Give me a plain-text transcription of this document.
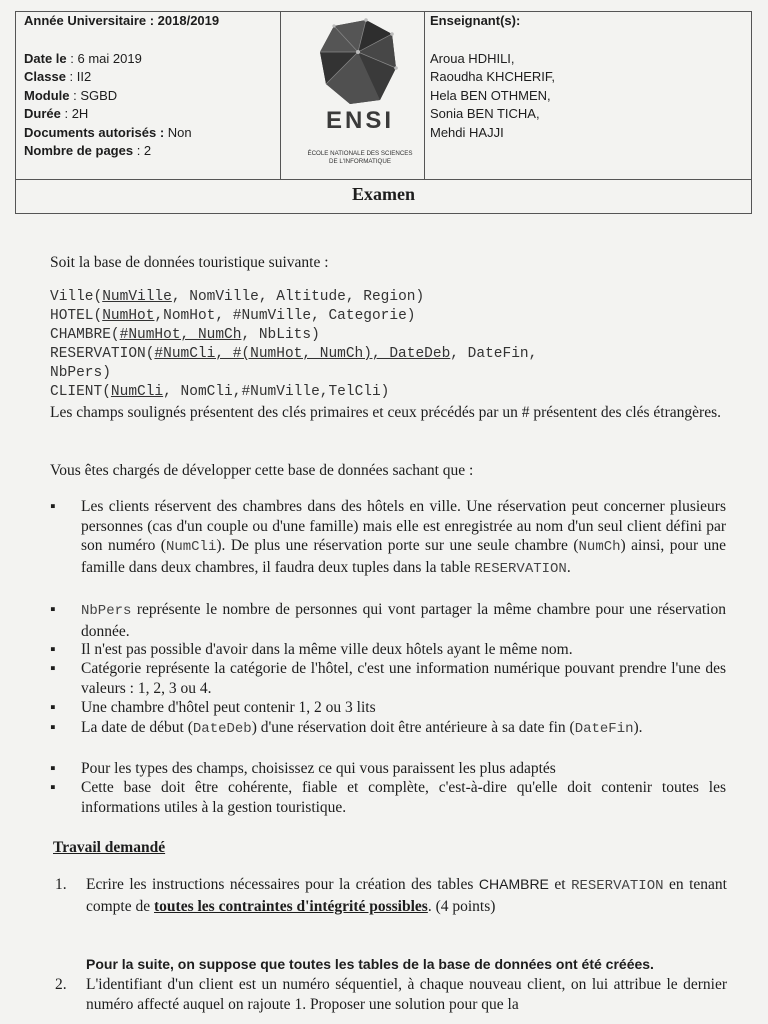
Année Universitaire : 2018/2019
Date le : 6 mai 2019
Classe : II2
Module : SGBD
Durée : 2H
Documents autorisés : Non
Nombre de pages : 2
ENSI
ÉCOLE NATIONALE DES SCIENCES
DE L'INFORMATIQUE
Enseignant(s):
Aroua HDHILI,
Raoudha KHCHERIF,
Hela BEN OTHMEN,
Sonia BEN TICHA,
Mehdi HAJJI
Examen
Soit la base de données touristique suivante :
Ville(NumVille, NomVille, Altitude, Region)
HOTEL(NumHot,NomHot, #NumVille, Categorie)
CHAMBRE(#NumHot, NumCh, NbLits)
RESERVATION(#NumCli, #(NumHot, NumCh), DateDeb, DateFin,
NbPers)
CLIENT(NumCli, NomCli,#NumVille,TelCli)
Les champs soulignés présentent des clés primaires et ceux précédés par un # présentent des clés étrangères.
Vous êtes chargés de développer cette base de données sachant que :
▪ Les clients réservent des chambres dans des hôtels en ville. Une réservation peut concerner plusieurs personnes (cas d'un couple ou d'une famille) mais elle est enregistrée au nom d'un seul client défini par son numéro (NumCli). De plus une réservation porte sur une seule chambre (NumCh) ainsi, pour une famille dans deux chambres, il faudra deux tuples dans la table RESERVATION.
▪ NbPers représente le nombre de personnes qui vont partager la même chambre pour une réservation donnée.
▪ Il n'est pas possible d'avoir dans la même ville deux hôtels ayant le même nom.
▪ Catégorie représente la catégorie de l'hôtel, c'est une information numérique pouvant prendre l'une des valeurs : 1, 2, 3 ou 4.
▪ Une chambre d'hôtel peut contenir 1, 2 ou 3 lits
▪ La date de début (DateDeb) d'une réservation doit être antérieure à sa date fin (DateFin).
▪ Pour les types des champs, choisissez ce qui vous paraissent les plus adaptés
▪ Cette base doit être cohérente, fiable et complète, c'est-à-dire qu'elle doit contenir toutes les informations utiles à la gestion touristique.
Travail demandé
1. Ecrire les instructions nécessaires pour la création des tables CHAMBRE et RESERVATION en tenant compte de toutes les contraintes d'intégrité possibles. (4 points)
Pour la suite, on suppose que toutes les tables de la base de données ont été créées.
2. L'identifiant d'un client est un numéro séquentiel, à chaque nouveau client, on lui attribue le dernier numéro affecté auquel on rajoute 1. Proposer une solution pour que la
